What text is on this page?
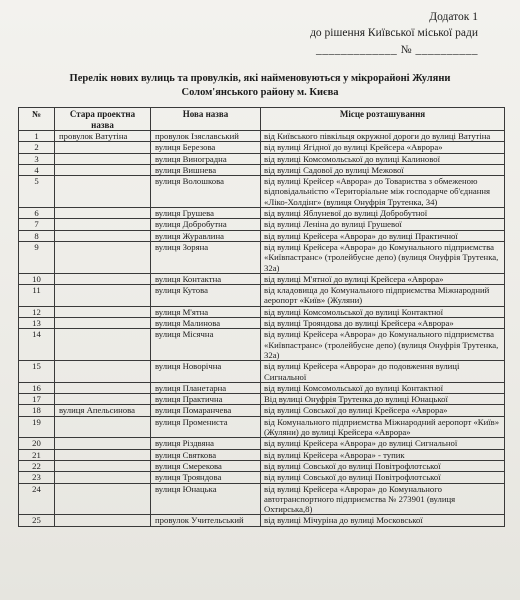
Додаток 1
до рішення Київської міської ради
_____________ № __________
Перелік нових вулиць та провулків, які найменовуються у мікрорайоні Жуляни
Солом'янського району м. Києва
№	Стара проектна назва	Нова назва	Місце розташування
1	провулок Ватутіна	провулок Ізяславський	від Київського півкільця окружної дороги до вулиці Ватутіна
2		вулиця Березова	від вулиці Ягідної до вулиці Крейсера «Аврора»
3		вулиця Виноградна	від вулиці Комсомольської до вулиці Калинової
4		вулиця Вишнева	від вулиці Садової до вулиці Межової
5		вулиця Волошкова	від вулиці Крейсер «Аврора» до Товариства з обмеженою відповідальністю «Територіальне між господарче об'єднання «Ліко-Холдінг» (вулиця Онуфрія Трутенка, 34)
6		вулиця Грушева	від вулиці Яблуневої до вулиці Добробутної
7		вулиця Добробутна	від вулиці Леніна до вулиці Грушевої
8		вулиця Журавлина	від вулиці Крейсера «Аврора» до вулиці Практичної
9		вулиця Зоряна	від вулиці Крейсера «Аврора» до Комунального підприємства «Київпастранс» (тролейбусне депо) (вулиця Онуфрія Трутенка, 32а)
10		вулиця Контактна	від вулиці М'ятної до вулиці Крейсера «Аврора»
11		вулиця Кутова	від кладовища до Комунального підприємства Міжнародний аеропорт «Київ» (Жуляни)
12		вулиця М'ятна	від вулиці Комсомольської до вулиці Контактної
13		вулиця Малинова	від вулиці Трояндова до вулиці Крейсера «Аврора»
14		вулиця Місячна	від вулиці Крейсера «Аврора» до Комунального підприємства «Київпастранс» (тролейбусне депо) (вулиця Онуфрія Трутенка, 32а)
15		вулиця Новорічна	від вулиці Крейсера «Аврора» до подовження вулиці Сигнальної
16		вулиця Планетарна	від вулиці Комсомольської до вулиці Контактної
17		вулиця Практична	Від вулиці Онуфрія Трутенка до вулиці Юнацької
18	вулиця Апельсинова	вулиця Помаранчева	від вулиці Совської до вулиці Крейсера «Аврора»
19		вулиця Промениста	від Комунального підприємства Міжнародний аеропорт «Київ» (Жуляни) до вулиці Крейсера «Аврора»
20		вулиця Різдвяна	від вулиці Крейсера «Аврора» до вулиці Сигнальної
21		вулиця Святкова	від вулиці Крейсера «Аврора» - тупик
22		вулиця Смерекова	від вулиці Совської до вулиці Повітрофлотської
23		вулиця Трояндова	від вулиці Совської до вулиці Повітрофлотської
24		вулиця Юнацька	від вулиці Крейсера «Аврора» до Комунального автотранспортного підприємства № 273901 (вулиця Охтирська,8)
25		провулок Учительський	від вулиці Мічуріна до вулиці Московської
